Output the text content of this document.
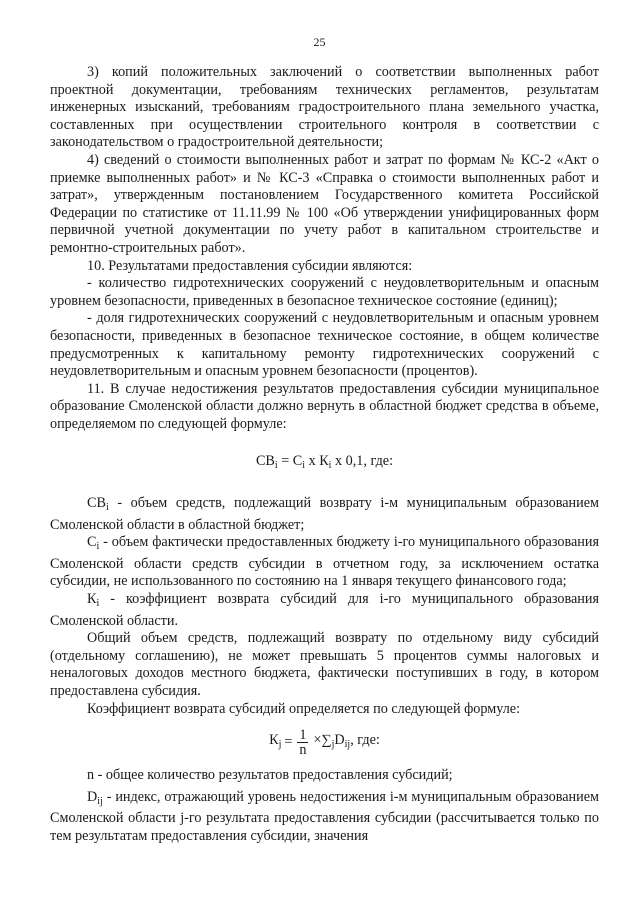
25

3) копий положительных заключений о соответствии выполненных работ проектной документации, требованиям технических регламентов, результатам инженерных изысканий, требованиям градостроительного плана земельного участка, составленных при осуществлении строительного контроля в соответствии с законодательством о градостроительной деятельности;

4) сведений о стоимости выполненных работ и затрат по формам № КС-2 «Акт о приемке выполненных работ» и № КС-3 «Справка о стоимости выполненных работ и затрат», утвержденным постановлением Государственного комитета Российской Федерации по статистике от 11.11.99 № 100 «Об утверждении унифицированных форм первичной учетной документации по учету работ в капитальном строительстве и ремонтно-строительных работ».

10. Результатами предоставления субсидии являются:

- количество гидротехнических сооружений с неудовлетворительным и опасным уровнем безопасности, приведенных в безопасное техническое состояние (единиц);

- доля гидротехнических сооружений с неудовлетворительным и опасным уровнем безопасности, приведенных в безопасное техническое состояние, в общем количестве предусмотренных к капитальному ремонту гидротехнических сооружений с неудовлетворительным и опасным уровнем безопасности (процентов).

11. В случае недостижения результатов предоставления субсидии муниципальное образование Смоленской области должно вернуть в областной бюджет средства в объеме, определяемом по следующей формуле:

$СВ_i = С_i$ х $К_i$ х 0,1, где:

$СВ_i$ - объем средств, подлежащий возврату i-м муниципальным образованием Смоленской области в областной бюджет;

$С_i$ - объем фактически предоставленных бюджету i-го муниципального образования Смоленской области средств субсидии в отчетном году, за исключением остатка субсидии, не использованного по состоянию на 1 января текущего финансового года;

$К_i$ - коэффициент возврата субсидий для i-го муниципального образования Смоленской области.

Общий объем средств, подлежащий возврату по отдельному виду субсидий (отдельному соглашению), не может превышать 5 процентов суммы налоговых и неналоговых доходов местного бюджета, фактически поступивших в году, в котором предоставлена субсидия.

Коэффициент возврата субсидий определяется по следующей формуле:

$К_j = \frac{1}{n} \times\sum_jD_{ij}$, где:

n - общее количество результатов предоставления субсидий;

$D_{ij}$ - индекс, отражающий уровень недостижения i-м муниципальным образованием Смоленской области j-го результата предоставления субсидии (рассчитывается только по тем результатам предоставления субсидии, значения
